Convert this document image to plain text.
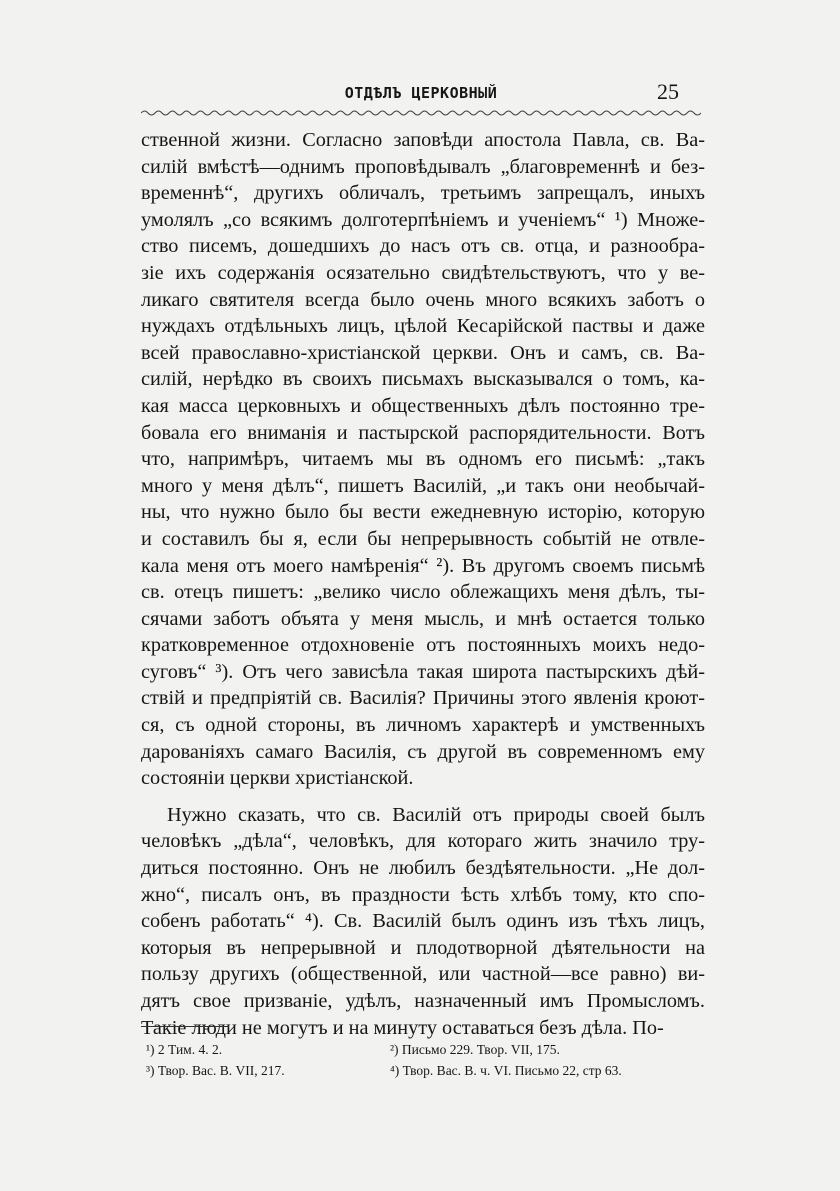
ОТДѢЛЪ ЦЕРКОВНЫЙ	25
ственной жизни. Согласно заповѣди апостола Павла, св. Ва-
силій вмѣстѣ—однимъ проповѣдывалъ „благовременнѣ и без-
временнѣ“, другихъ обличалъ, третьимъ запрещалъ, иныхъ
умолялъ „со всякимъ долготерпѣніемъ и ученіемъ“ ¹) Множе-
ство писемъ, дошедшихъ до насъ отъ св. отца, и разнообра-
зіе ихъ содержанія осязательно свидѣтельствуютъ, что у ве-
ликаго святителя всегда было очень много всякихъ заботъ о
нуждахъ отдѣльныхъ лицъ, цѣлой Кесарійской паствы и даже
всей православно-христіанской церкви. Онъ и самъ, св. Ва-
силій, нерѣдко въ своихъ письмахъ высказывался о томъ, ка-
кая масса церковныхъ и общественныхъ дѣлъ постоянно тре-
бовала его вниманія и пастырской распорядительности. Вотъ
что, напримѣръ, читаемъ мы въ одномъ его письмѣ: „такъ
много у меня дѣлъ“, пишетъ Василій, „и такъ они необычай-
ны, что нужно было бы вести ежедневную исторію, которую
и составилъ бы я, если бы непрерывность событій не отвле-
кала меня отъ моего намѣренія“ ²). Въ другомъ своемъ письмѣ
св. отецъ пишетъ: „велико число облежащихъ меня дѣлъ, ты-
сячами заботъ объята у меня мысль, и мнѣ остается только
кратковременное отдохновеніе отъ постоянныхъ моихъ недо-
суговъ“ ³). Отъ чего зависѣла такая широта пастырскихъ дѣй-
ствій и предпріятій св. Василія? Причины этого явленія кроют-
ся, съ одной стороны, въ личномъ характерѣ и умственныхъ
дарованіяхъ самаго Василія, съ другой въ современномъ ему
состояніи церкви христіанской.
Нужно сказать, что св. Василій отъ природы своей былъ
человѣкъ „дѣла“, человѣкъ, для котораго жить значило тру-
диться постоянно. Онъ не любилъ бездѣятельности. „Не дол-
жно“, писалъ онъ, въ праздности ѣсть хлѣбъ тому, кто спо-
собенъ работать“ ⁴). Св. Василій былъ одинъ изъ тѣхъ лицъ,
которыя въ непрерывной и плодотворной дѣятельности на
пользу другихъ (общественной, или частной—все равно) ви-
дятъ свое призваніе, удѣлъ, назначенный имъ Промысломъ.
Такіе люди не могутъ и на минуту оставаться безъ дѣла. По-
¹) 2 Тим. 4. 2.	²) Письмо 229. Твор. VII, 175.
³) Твор. Вас. В. VII, 217.	⁴) Твор. Вас. В. ч. VI. Письмо 22, стр 63.
